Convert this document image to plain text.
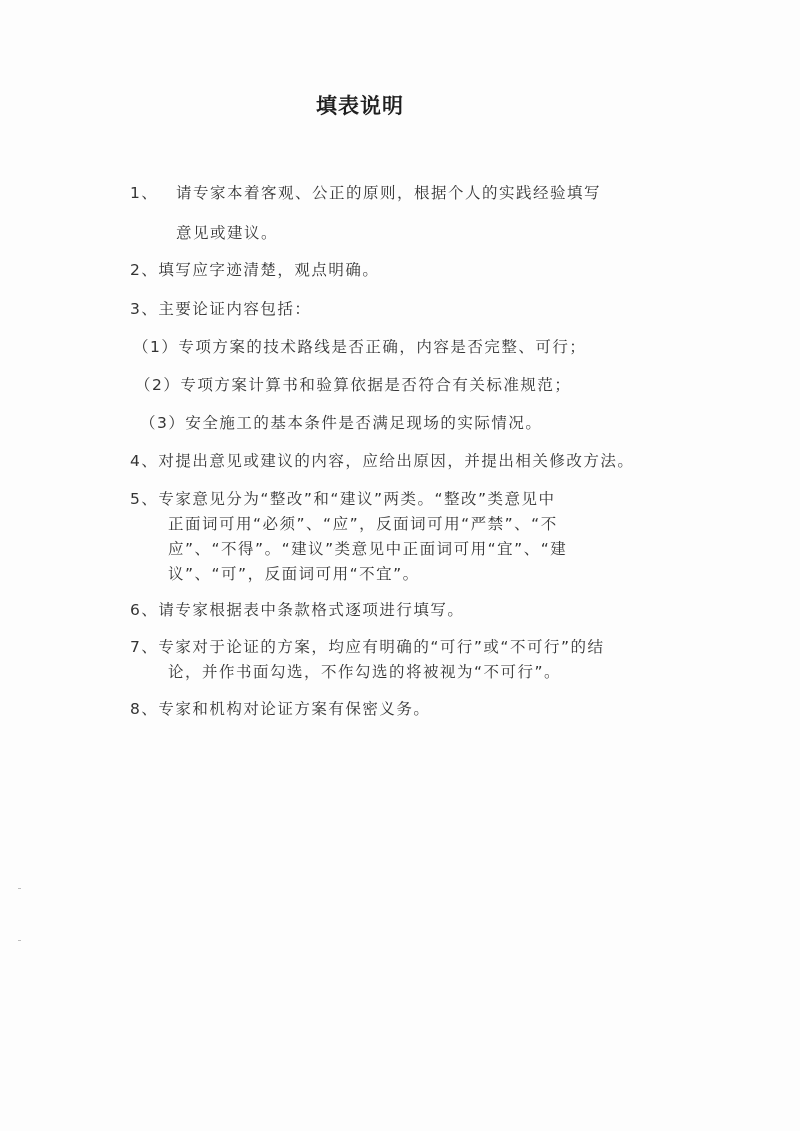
填表说明
1、 请专家本着客观、公正的原则，根据个人的实践经验填写
意见或建议。
2、填写应字迹清楚，观点明确。
3、主要论证内容包括：
（1）专项方案的技术路线是否正确，内容是否完整、可行；
（2）专项方案计算书和验算依据是否符合有关标准规范；
（3）安全施工的基本条件是否满足现场的实际情况。
4、对提出意见或建议的内容，应给出原因，并提出相关修改方法。
5、专家意见分为“整改”和“建议”两类。“整改”类意见中
正面词可用“必须”、“应”，反面词可用“严禁”、“不
应”、“不得”。“建议”类意见中正面词可用“宜”、“建
议”、“可”，反面词可用“不宜”。
6、请专家根据表中条款格式逐项进行填写。
7、专家对于论证的方案，均应有明确的“可行”或“不可行”的结
论，并作书面勾选，不作勾选的将被视为“不可行”。
8、专家和机构对论证方案有保密义务。
